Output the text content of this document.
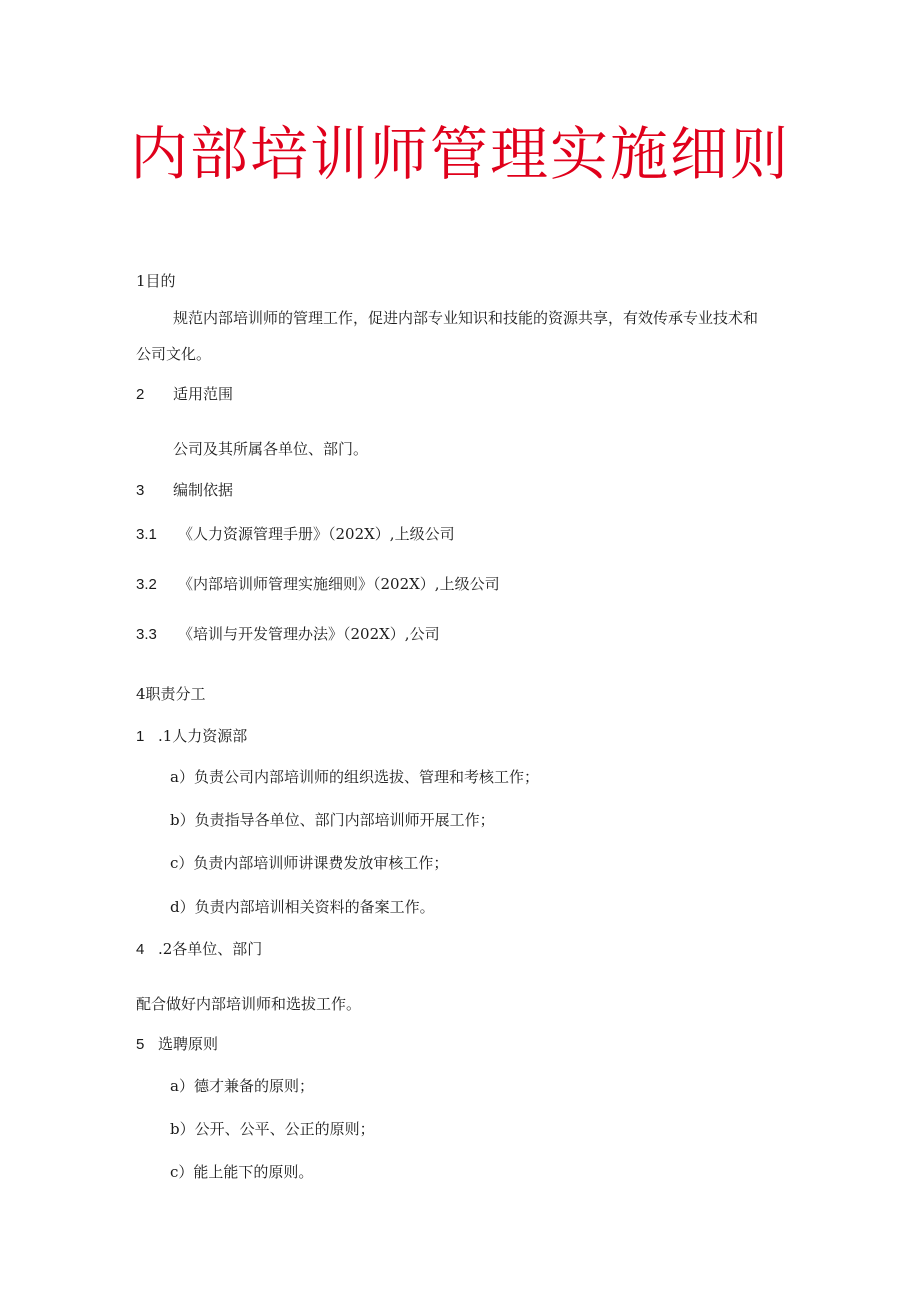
内部培训师管理实施细则
1目的
规范内部培训师的管理工作，促进内部专业知识和技能的资源共享，有效传承专业技术和
公司文化。
2 适用范围
公司及其所属各单位、部门。
3 编制依据
3.1 《人力资源管理手册》（202X）,上级公司
3.2 《内部培训师管理实施细则》（202X）,上级公司
3.3 《培训与开发管理办法》（202X）,公司
4职责分工
1 .1人力资源部
a）负责公司内部培训师的组织选拔、管理和考核工作；
b）负责指导各单位、部门内部培训师开展工作；
c）负责内部培训师讲课费发放审核工作；
d）负责内部培训相关资料的备案工作。
4 .2各单位、部门
配合做好内部培训师和选拔工作。
5 选聘原则
a）德才兼备的原则；
b）公开、公平、公正的原则；
c）能上能下的原则。
